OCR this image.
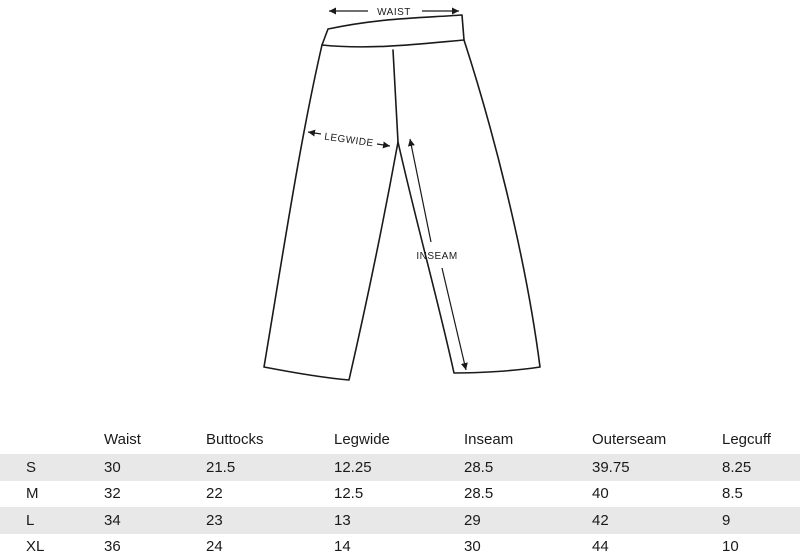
WAIST
LEGWIDE
INSEAM
	Waist	Buttocks	Legwide	Inseam	Outerseam	Legcuff
S	30	21.5	12.25	28.5	39.75	8.25
M	32	22	12.5	28.5	40	8.5
L	34	23	13	29	42	9
XL	36	24	14	30	44	10
